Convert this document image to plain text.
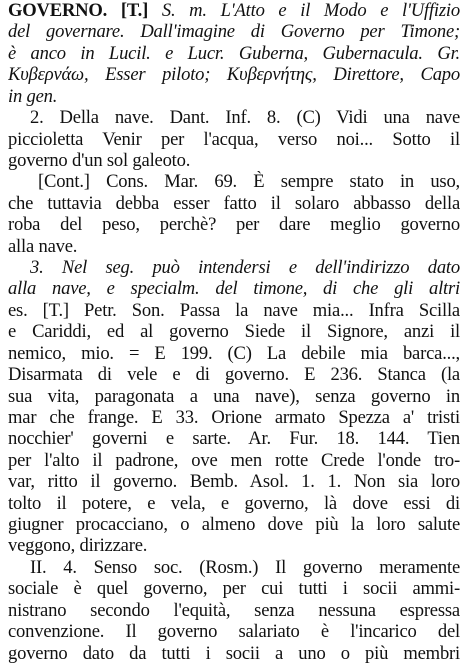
GOVERNO. [T.] S. m. L'Atto e il Modo e l'Uffizio
del governare. Dall'imagine di Governo per Timone;
è anco in Lucil. e Lucr. Guberna, Gubernacula. Gr.
Κυβερνάω, Esser piloto; Κυβερνήτης, Direttore, Capo
in gen.
2. Della nave. Dant. Inf. 8. (C) Vidi una nave
piccioletta Venir per l'acqua, verso noi... Sotto il
governo d'un sol galeoto.
[Cont.] Cons. Mar. 69. È sempre stato in uso,
che tuttavia debba esser fatto il solaro abbasso della
roba del peso, perchè? per dare meglio governo
alla nave.
3. Nel seg. può intendersi e dell'indirizzo dato
alla nave, e specialm. del timone, di che gli altri
es. [T.] Petr. Son. Passa la nave mia... Infra Scilla
e Cariddi, ed al governo Siede il Signore, anzi il
nemico, mio. = E 199. (C) La debile mia barca...,
Disarmata di vele e di governo. E 236. Stanca (la
sua vita, paragonata a una nave), senza governo in
mar che frange. E 33. Orione armato Spezza a' tristi
nocchier' governi e sarte. Ar. Fur. 18. 144. Tien
per l'alto il padrone, ove men rotte Crede l'onde tro-
var, ritto il governo. Bemb. Asol. 1. 1. Non sia loro
tolto il potere, e vela, e governo, là dove essi di
giugner procacciano, o almeno dove più la loro salute
veggono, dirizzare.
II. 4. Senso soc. (Rosm.) Il governo meramente
sociale è quel governo, per cui tutti i socii ammi-
nistrano secondo l'equità, senza nessuna espressa
convenzione. Il governo salariato è l'incarico del
governo dato da tutti i socii a uno o più membri
